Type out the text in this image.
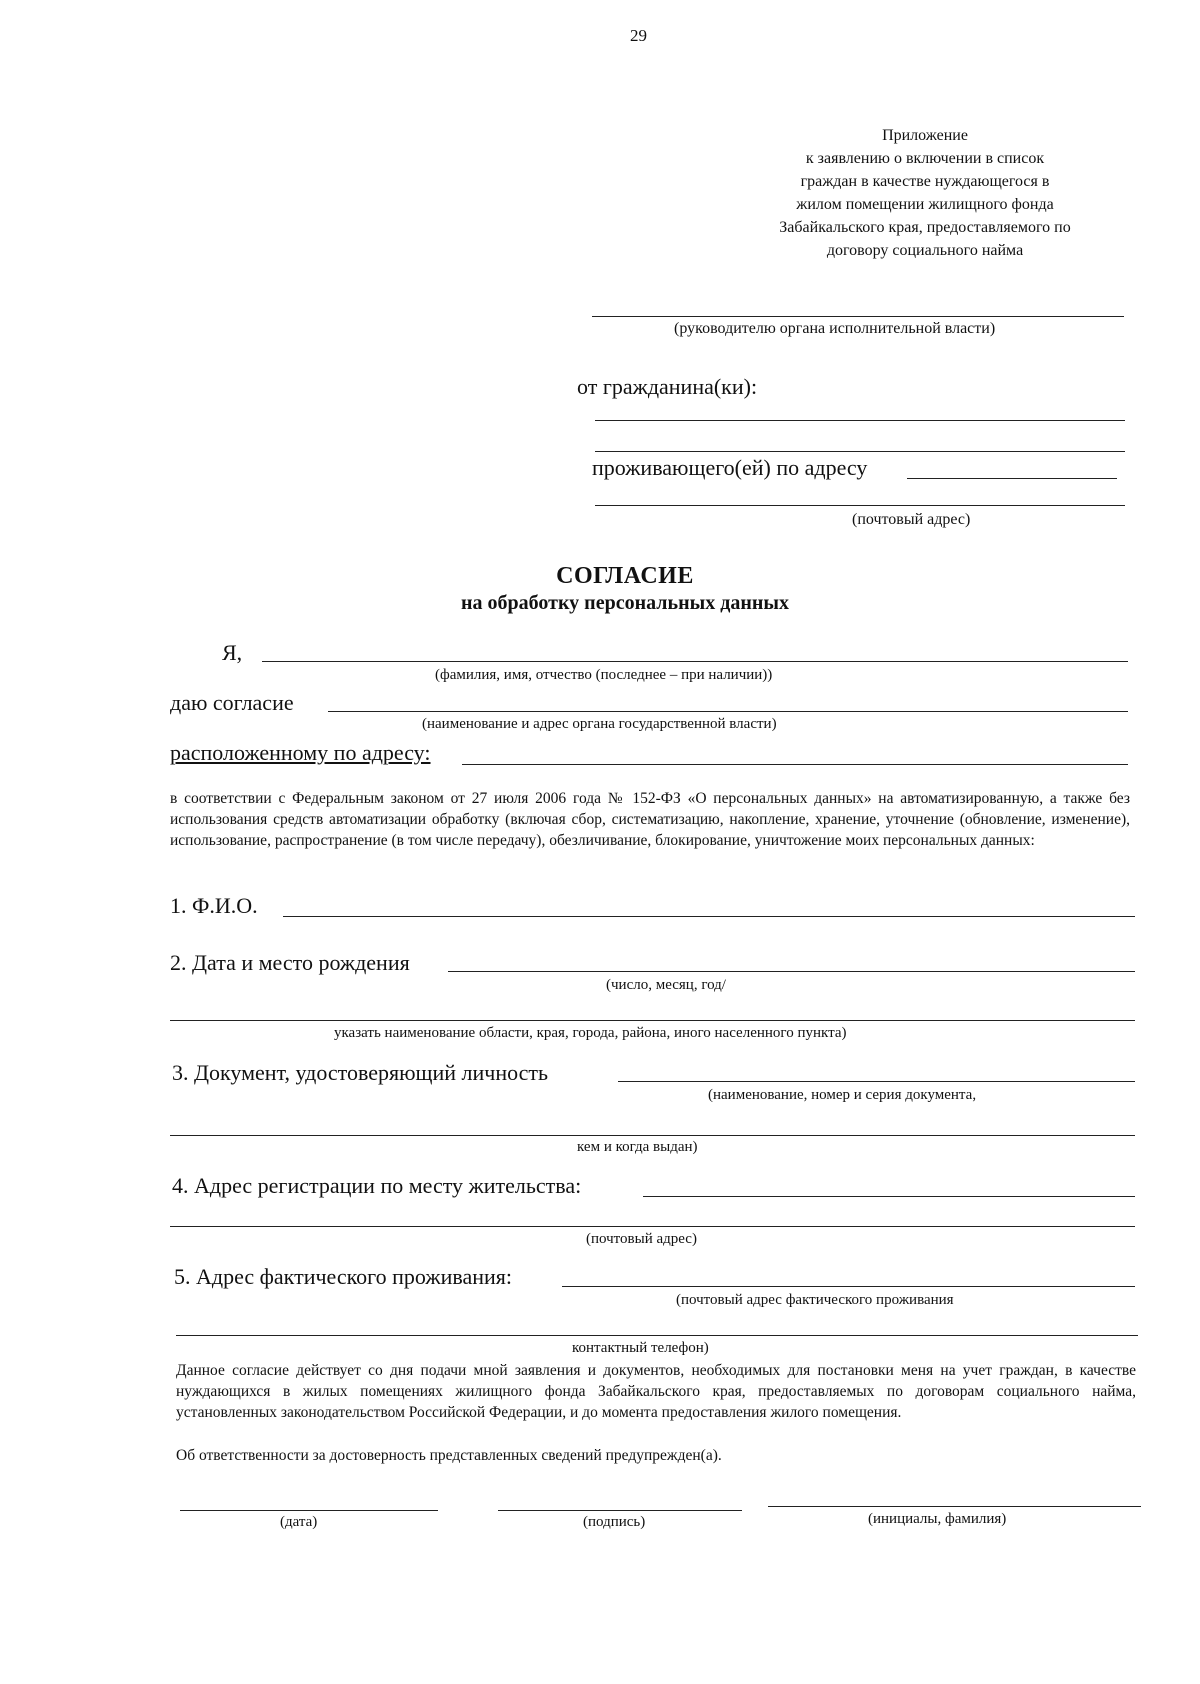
29
Приложение
к заявлению о включении в список
граждан в качестве нуждающегося в
жилом помещении жилищного фонда
Забайкальского края, предоставляемого по
договору социального найма
(руководителю органа исполнительной власти)
от гражданина(ки):
проживающего(ей) по адресу
(почтовый адрес)
СОГЛАСИЕ
на обработку персональных данных
Я,
(фамилия, имя, отчество (последнее – при наличии))
даю согласие
(наименование и адрес органа государственной власти)
расположенному по адресу:
в соответствии с Федеральным законом от 27 июля 2006 года № 152-ФЗ «О персональных данных» на автоматизированную, а также без использования средств автоматизации обработку (включая сбор, систематизацию, накопление, хранение, уточнение (обновление, изменение), использование, распространение (в том числе передачу), обезличивание, блокирование, уничтожение моих персональных данных:
1. Ф.И.О.
2. Дата и место рождения
(число, месяц, год/
указать наименование области, края, города, района, иного населенного пункта)
3. Документ, удостоверяющий личность
(наименование, номер и серия документа,
кем и когда выдан)
4. Адрес регистрации по месту жительства:
(почтовый адрес)
5. Адрес фактического проживания:
(почтовый адрес фактического проживания
контактный телефон)
Данное согласие действует со дня подачи мной заявления и документов, необходимых для постановки меня на учет граждан, в качестве нуждающихся в жилых помещениях жилищного фонда Забайкальского края, предоставляемых по договорам социального найма, установленных законодательством Российской Федерации, и до момента предоставления жилого помещения.
Об ответственности за достоверность представленных сведений предупрежден(а).
(дата)	(подпись)	(инициалы, фамилия)
